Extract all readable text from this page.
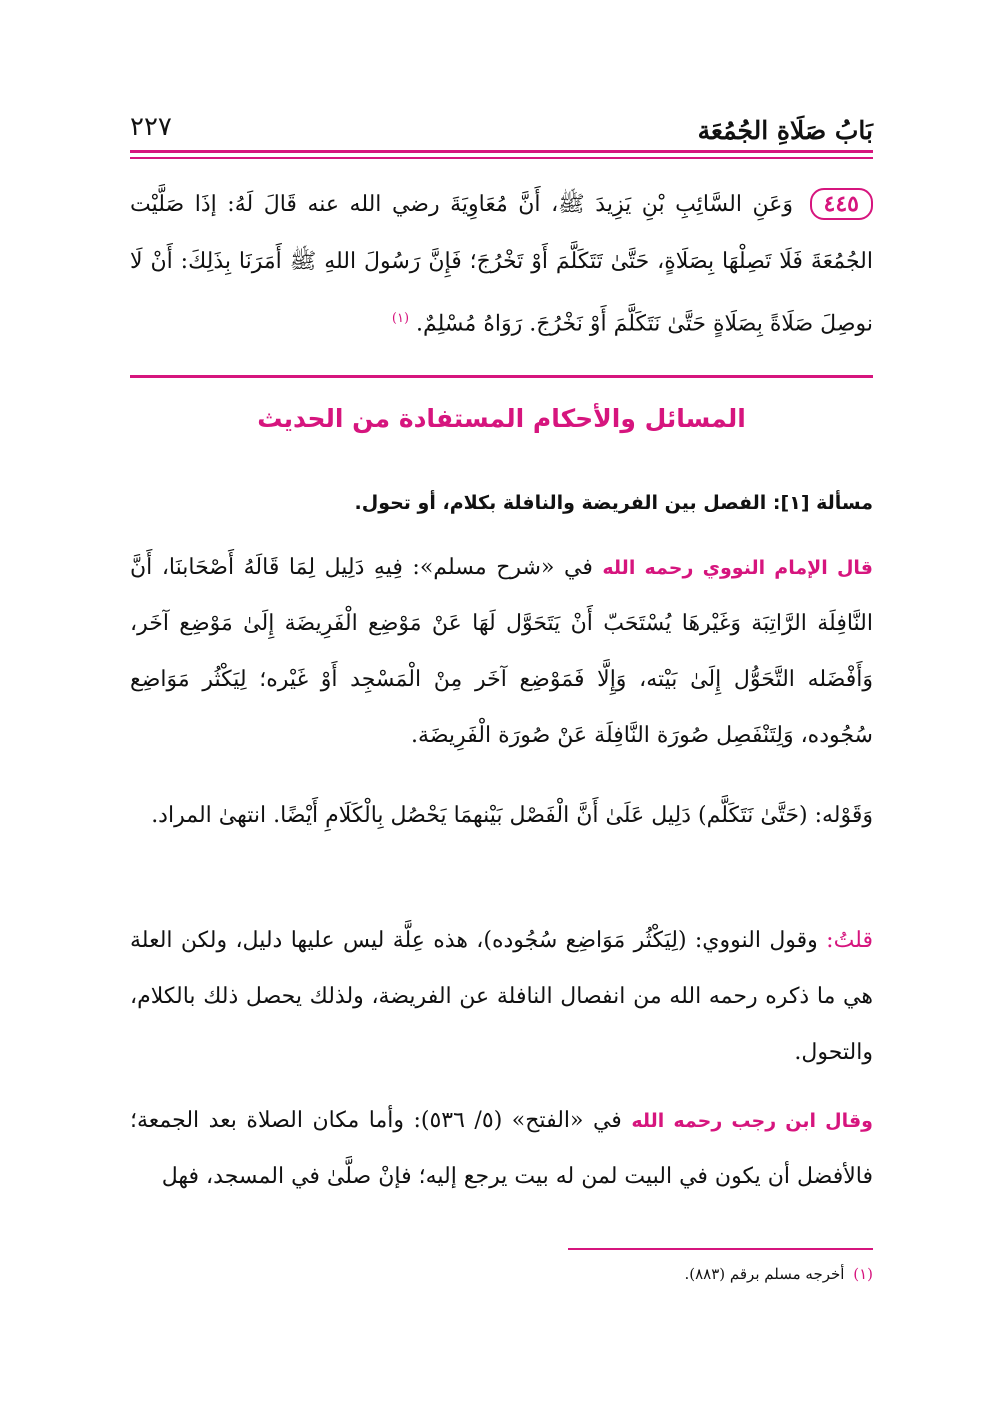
بَابُ صَلَاةِ الجُمُعَة
٢٢٧
٤٤٥ وَعَنِ السَّائِبِ بْنِ يَزِيدَ ﷺ، أَنَّ مُعَاوِيَةَ رضي الله عنه قَالَ لَهُ: إذَا صَلَّيْت الجُمُعَةَ فَلَا تَصِلْهَا بِصَلَاةٍ، حَتَّىٰ تَتَكَلَّمَ أَوْ تَخْرُجَ؛ فَإِنَّ رَسُولَ اللهِ ﷺ أَمَرَنَا بِذَلِكَ: أَنْ لَا نوصِلَ صَلَاةً بِصَلَاةٍ حَتَّىٰ نَتَكَلَّمَ أَوْ نَخْرُجَ. رَوَاهُ مُسْلِمٌ. $^{(١)}$
المسائل والأحكام المستفادة من الحديث
مسألة [١]: الفصل بين الفريضة والنافلة بكلام، أو تحول.
قال الإمام النووي رحمه الله في «شرح مسلم»: فِيهِ دَلِيل لِمَا قَالَهُ أَصْحَابنَا، أَنَّ النَّافِلَة الرَّاتِبَة وَغَيْرهَا يُسْتَحَبّ أَنْ يَتَحَوَّل لَهَا عَنْ مَوْضِع الْفَرِيضَة إِلَىٰ مَوْضِع آخَر، وَأَفْضَله التَّحَوُّل إِلَىٰ بَيْته، وَإِلَّا فَمَوْضِع آخَر مِنْ الْمَسْجِد أَوْ غَيْره؛ لِيَكْثُر مَوَاضِع سُجُوده، وَلِتَنْفَصِل صُورَة النَّافِلَة عَنْ صُورَة الْفَرِيضَة.
وَقَوْله: (حَتَّىٰ نَتَكَلَّم) دَلِيل عَلَىٰ أَنَّ الْفَصْل بَيْنهمَا يَحْصُل بِالْكَلَامِ أَيْضًا. انتهىٰ المراد.
قلتُ: وقول النووي: (لِيَكْثُر مَوَاضِع سُجُوده)، هذه عِلَّة ليس عليها دليل، ولكن العلة هي ما ذكره رحمه الله من انفصال النافلة عن الفريضة، ولذلك يحصل ذلك بالكلام، والتحول.
وقال ابن رجب رحمه الله في «الفتح» (٥/ ٥٣٦): وأما مكان الصلاة بعد الجمعة؛ فالأفضل أن يكون في البيت لمن له بيت يرجع إليه؛ فإنْ صلَّىٰ في المسجد، فهل
(١) أخرجه مسلم برقم (٨٨٣).
